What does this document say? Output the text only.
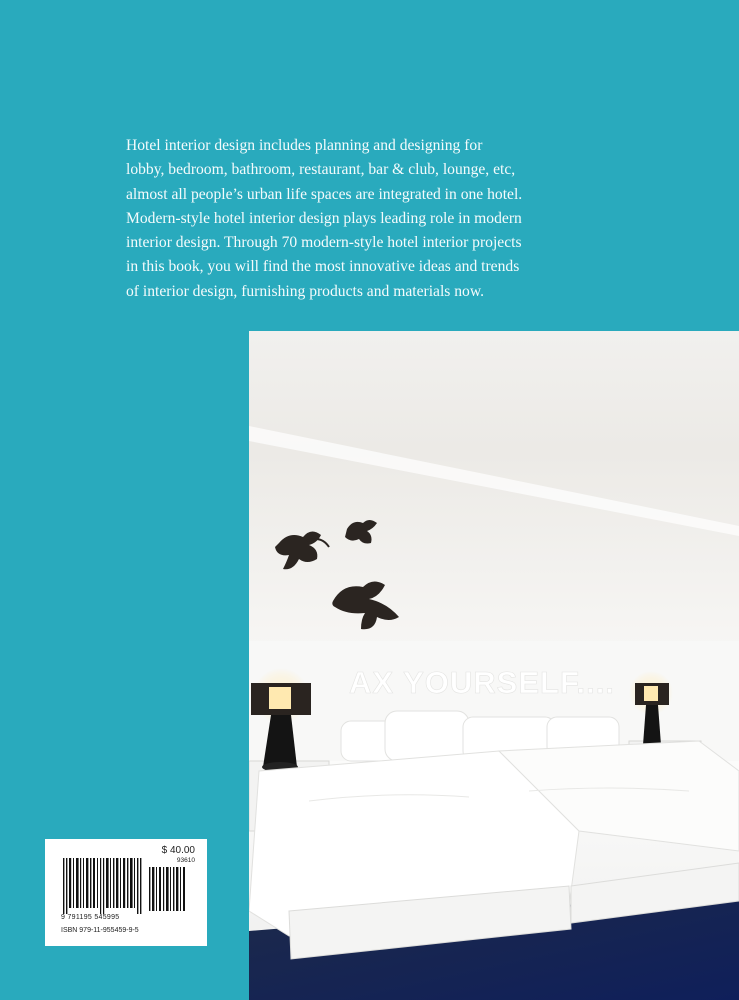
Hotel interior design includes planning and designing for
lobby, bedroom, bathroom, restaurant, bar & club, lounge, etc,
almost all people’s urban life spaces are integrated in one hotel.
Modern-style hotel interior design plays leading role in modern
interior design. Through 70 modern-style hotel interior projects
in this book, you will find the most innovative ideas and trends
of interior design, furnishing products and materials now.

AX YOURSELF....
$ 40.00
93610
9 791195 545995
ISBN 979-11-955459-9-5
